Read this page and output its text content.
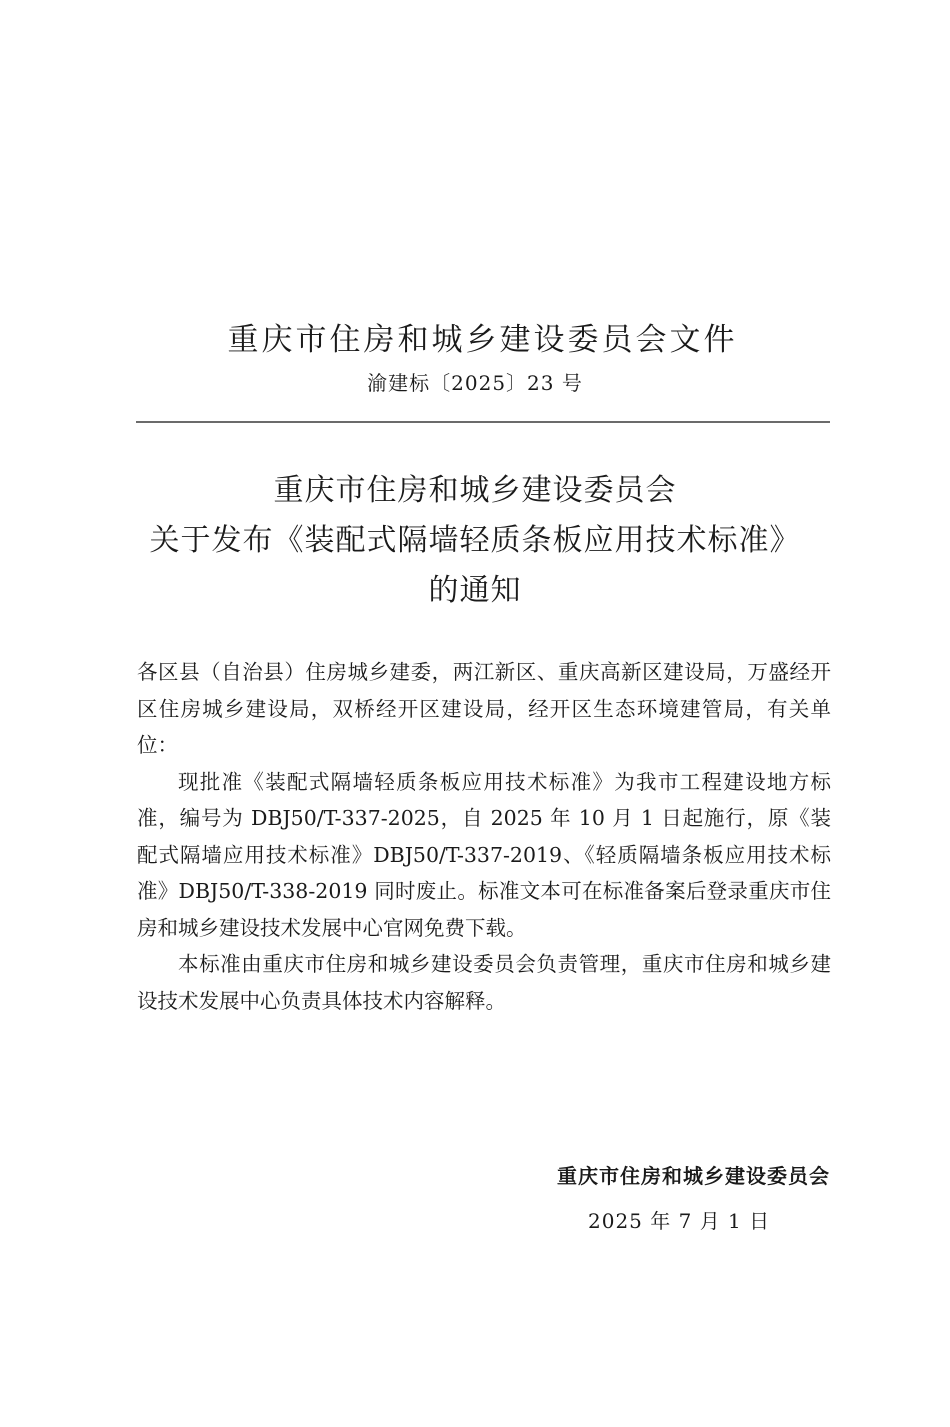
重庆市住房和城乡建设委员会文件
渝建标〔2025〕23 号
重庆市住房和城乡建设委员会
关于发布《装配式隔墙轻质条板应用技术标准》
的通知

各区县（自治县）住房城乡建委，两江新区、重庆高新区建设局，万盛经开区住房城乡建设局，双桥经开区建设局，经开区生态环境建管局，有关单位：

现批准《装配式隔墙轻质条板应用技术标准》为我市工程建设地方标准，编号为 DBJ50/T-337-2025，自 2025 年 10 月 1 日起施行，原《装配式隔墙应用技术标准》DBJ50/T-337-2019、《轻质隔墙条板应用技术标准》DBJ50/T-338-2019 同时废止。标准文本可在标准备案后登录重庆市住房和城乡建设技术发展中心官网免费下载。

本标准由重庆市住房和城乡建设委员会负责管理，重庆市住房和城乡建设技术发展中心负责具体技术内容解释。

重庆市住房和城乡建设委员会
2025 年 7 月 1 日
